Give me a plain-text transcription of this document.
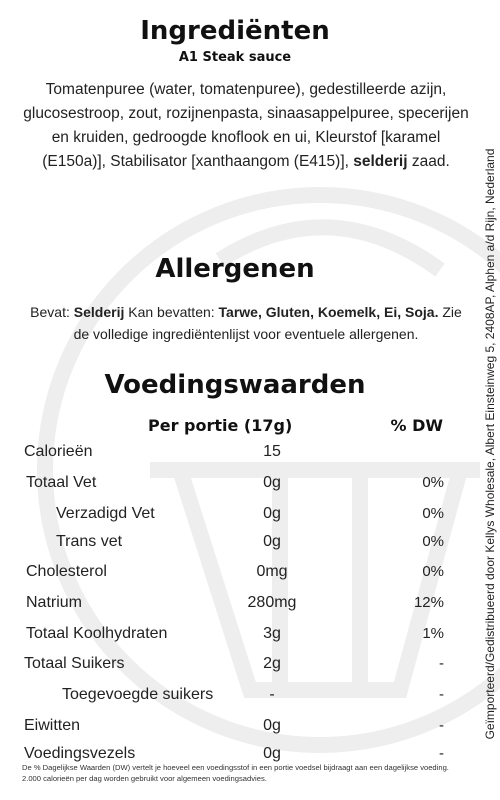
Ingrediënten
A1 Steak sauce
Tomatenpuree (water, tomatenpuree), gedestilleerde azijn, glucosestroop, zout, rozijnenpasta, sinaasappelpuree, specerijen en kruiden, gedroogde knoflook en ui, Kleurstof [karamel (E150a)], Stabilisator [xanthaangom (E415)], selderij zaad.
Allergenen
Bevat: Selderij Kan bevatten: Tarwe, Gluten, Koemelk, Ei, Soja. Zie de volledige ingrediëntenlijst voor eventuele allergenen.
Voedingswaarden
Per portie (17g)	% DW
Calorieën	15
Totaal Vet	0g	0%
Verzadigd Vet	0g	0%
Trans vet	0g	0%
Cholesterol	0mg	0%
Natrium	280mg	12%
Totaal Koolhydraten	3g	1%
Totaal Suikers	2g	-
Toegevoegde suikers	-	-
Eiwitten	0g	-
Voedingsvezels	0g	-
De % Dagelijkse Waarden (DW) vertelt je hoeveel een voedingsstof in een portie voedsel bijdraagt aan een dagelijkse voeding. 2.000 calorieën per dag worden gebruikt voor algemeen voedingsadvies.
Geïmporteerd/Gedistribueerd door Kellys Wholesale, Albert Einsteinweg 5, 2408AP, Alphen a/d Rijn, Nederland
